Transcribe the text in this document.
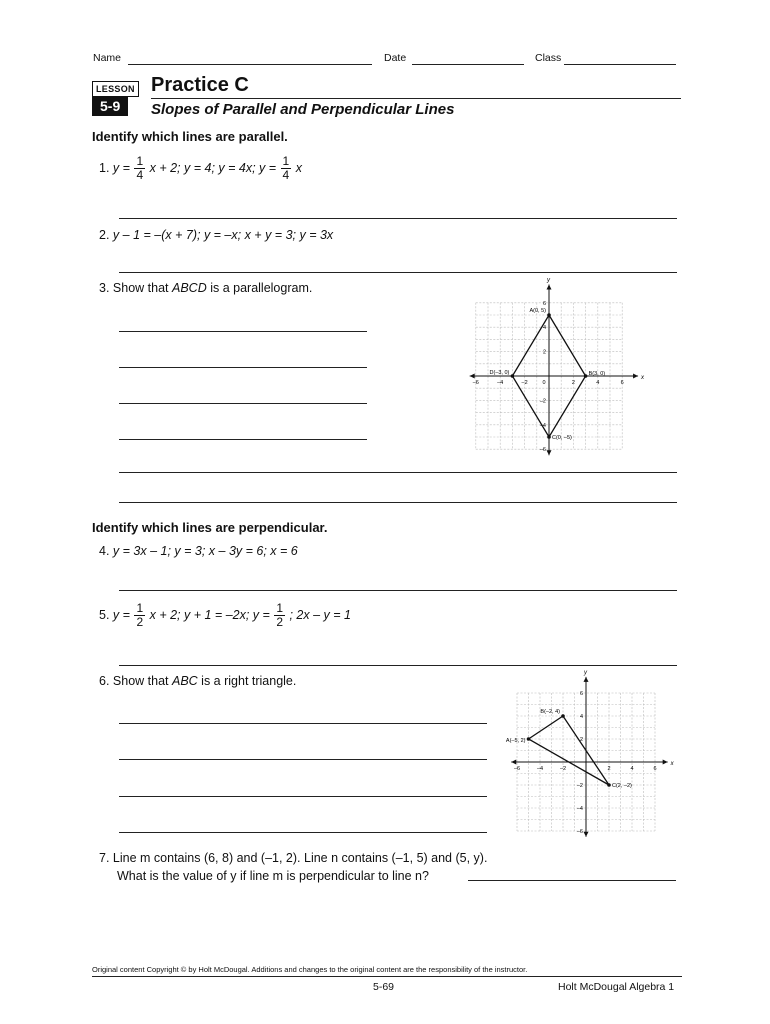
Name	Date	Class
LESSON
5-9
Practice C
Slopes of Parallel and Perpendicular Lines
Identify which lines are parallel.
1. $y = \frac{1}{4}$ x + 2; y = 4; y = 4x; $y = \frac{1}{4}$ x
2. y – 1 = –(x + 7); y = –x; x + y = 3; y = 3x
3. Show that ABCD is a parallelogram.
x
y
–6	–4	–2	0	2	4	6
6
4
2
–2
–4
–6
A(0, 5)
B(3, 0)
C(0, –5)
D(–3, 0)
Identify which lines are perpendicular.
4. y = 3x – 1; y = 3; x – 3y = 6; x = 6
5. $y = \frac{1}{2}$ x + 2; y + 1 = –2x; $y = \frac{1}{2}$ ; 2x – y = 1
6. Show that ABC is a right triangle.
x
y
–6	–4	–2	2	4	6
6
4
2
–2
–4
–6
A(–5, 2)
B(–2, 4)
C(2, –2)
7. Line m contains (6, 8) and (–1, 2). Line n contains (–1, 5) and (5, y).
What is the value of y if line m is perpendicular to line n?
Original content Copyright © by Holt McDougal. Additions and changes to the original content are the responsibility of the instructor.
5-69	Holt McDougal Algebra 1
